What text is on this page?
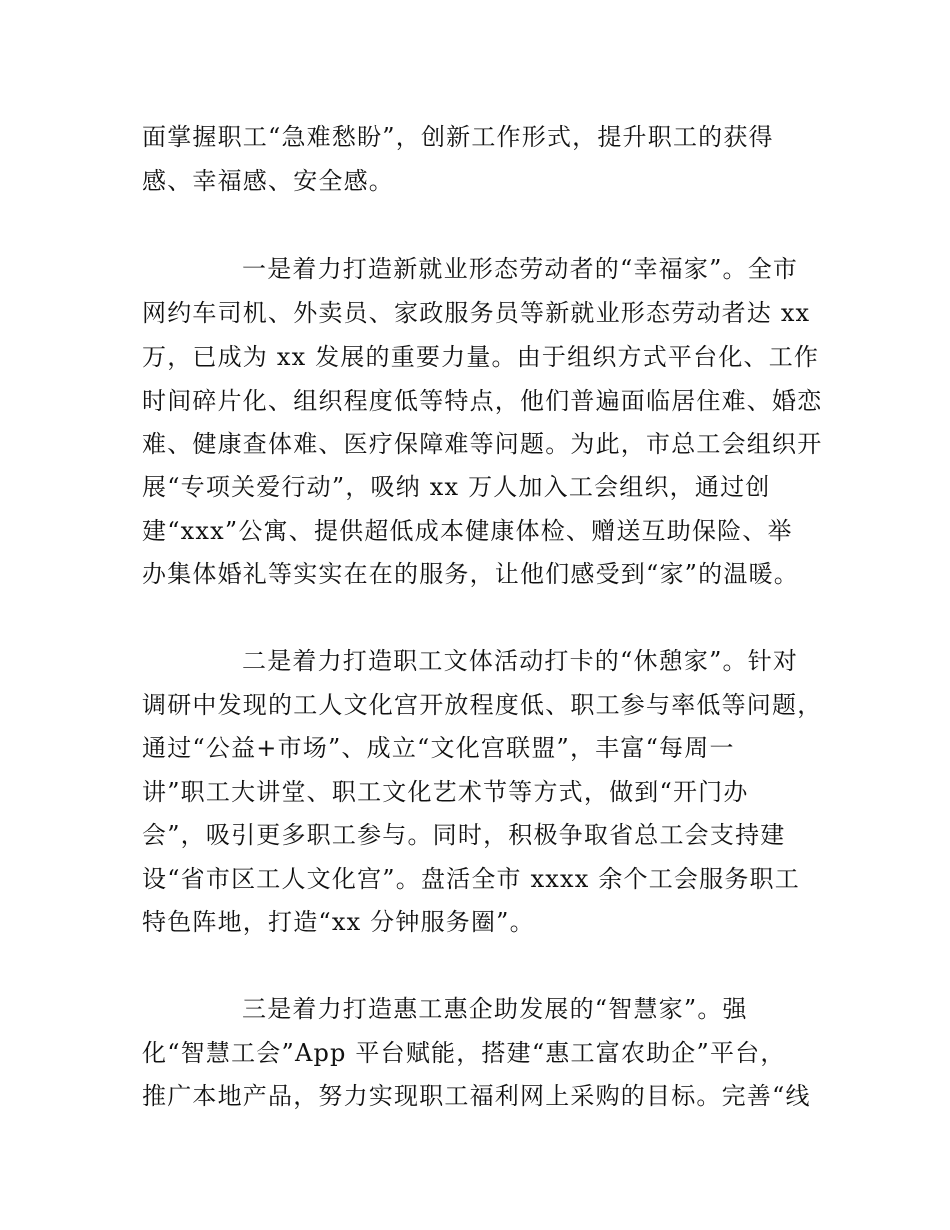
面掌握职工“急难愁盼”，创新工作形式，提升职工的获得
感、幸福感、安全感。
一是着力打造新就业形态劳动者的“幸福家”。全市
网约车司机、外卖员、家政服务员等新就业形态劳动者达 xx
万，已成为 xx 发展的重要力量。由于组织方式平台化、工作
时间碎片化、组织程度低等特点，他们普遍面临居住难、婚恋
难、健康查体难、医疗保障难等问题。为此，市总工会组织开
展“专项关爱行动”，吸纳 xx 万人加入工会组织，通过创
建“xxx”公寓、提供超低成本健康体检、赠送互助保险、举
办集体婚礼等实实在在的服务，让他们感受到“家”的温暖。
二是着力打造职工文体活动打卡的“休憩家”。针对
调研中发现的工人文化宫开放程度低、职工参与率低等问题，
通过“公益+市场”、成立“文化宫联盟”，丰富“每周一
讲”职工大讲堂、职工文化艺术节等方式，做到“开门办
会”，吸引更多职工参与。同时，积极争取省总工会支持建
设“省市区工人文化宫”。盘活全市 xxxx 余个工会服务职工
特色阵地，打造“xx 分钟服务圈”。
三是着力打造惠工惠企助发展的“智慧家”。强
化“智慧工会”App 平台赋能，搭建“惠工富农助企”平台，
推广本地产品，努力实现职工福利网上采购的目标。完善“线
